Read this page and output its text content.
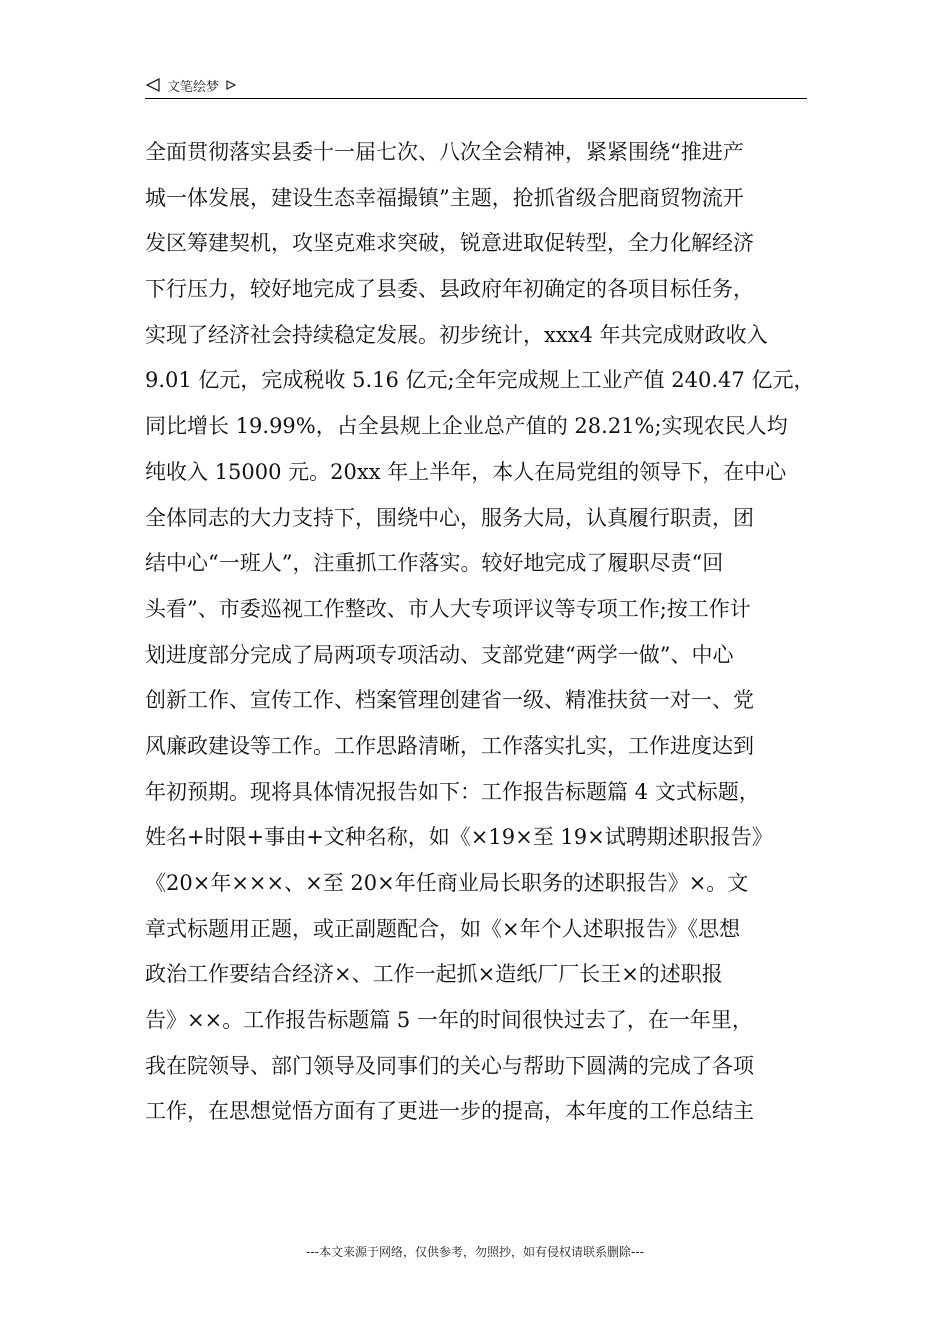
文笔绘梦
全面贯彻落实县委十一届七次、八次全会精神，紧紧围绕“推进产
城一体发展，建设生态幸福撮镇”主题，抢抓省级合肥商贸物流开
发区筹建契机，攻坚克难求突破，锐意进取促转型，全力化解经济
下行压力，较好地完成了县委、县政府年初确定的各项目标任务，
实现了经济社会持续稳定发展。初步统计，xxx4 年共完成财政收入
9.01 亿元，完成税收 5.16 亿元;全年完成规上工业产值 240.47 亿元，
同比增长 19.99%，占全县规上企业总产值的 28.21%;实现农民人均
纯收入 15000 元。20xx 年上半年，本人在局党组的领导下，在中心
全体同志的大力支持下，围绕中心，服务大局，认真履行职责，团
结中心“一班人”，注重抓工作落实。较好地完成了履职尽责“回
头看”、市委巡视工作整改、市人大专项评议等专项工作;按工作计
划进度部分完成了局两项专项活动、支部党建“两学一做”、中心
创新工作、宣传工作、档案管理创建省一级、精准扶贫一对一、党
风廉政建设等工作。工作思路清晰，工作落实扎实，工作进度达到
年初预期。现将具体情况报告如下：工作报告标题篇 4 文式标题，
姓名+时限+事由+文种名称，如《×19×至 19×试聘期述职报告》
《20×年×××、×至 20×年任商业局长职务的述职报告》×。文
章式标题用正题，或正副题配合，如《×年个人述职报告》《思想
政治工作要结合经济×、工作一起抓×造纸厂厂长王×的述职报
告》××。工作报告标题篇 5 一年的时间很快过去了，在一年里，
我在院领导、部门领导及同事们的关心与帮助下圆满的完成了各项
工作，在思想觉悟方面有了更进一步的提高，本年度的工作总结主
---本文来源于网络，仅供参考，勿照抄，如有侵权请联系删除---
